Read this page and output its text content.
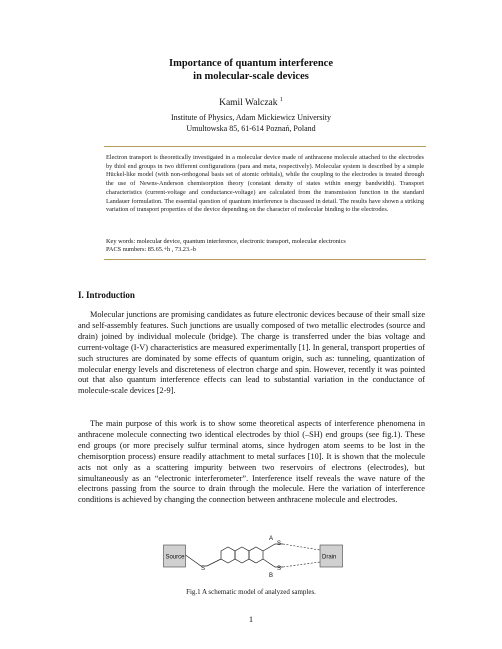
Importance of quantum interference
in molecular-scale devices
Kamil Walczak $^1$
Institute of Physics, Adam Mickiewicz University
Umultowska 85, 61-614 Poznań, Poland
Electron transport is theoretically investigated in a molecular device made of anthracene molecule attached to the electrodes by thiol end groups in two different configurations (para and meta, respectively). Molecular system is described by a simple Hückel-like model (with non-orthogonal basis set of atomic orbitals), while the coupling to the electrodes is treated through the use of Newns-Anderson chemisorption theory (constant density of states within energy bandwidth). Transport characteristics (current-voltage and conductance-voltage) are calculated from the transmission function in the standard Landauer formulation. The essential question of quantum interference is discussed in detail. The results have shown a striking variation of transport properties of the device depending on the character of molecular binding to the electrodes.
Key words: molecular device, quantum interference, electronic transport, molecular electronics
PACS numbers: 85.65.+h , 73.23.-b
I. Introduction
Molecular junctions are promising candidates as future electronic devices because of their small size and self-assembly features. Such junctions are usually composed of two metallic electrodes (source and drain) joined by individual molecule (bridge). The charge is transferred under the bias voltage and current-voltage (I-V) characteristics are measured experimentally [1]. In general, transport properties of such structures are dominated by some effects of quantum origin, such as: tunneling, quantization of molecular energy levels and discreteness of electron charge and spin. However, recently it was pointed out that also quantum interference effects can lead to substantial variation in the conductance of molecule-scale devices [2-9].
The main purpose of this work is to show some theoretical aspects of interference phenomena in anthracene molecule connecting two identical electrodes by thiol (–SH) end groups (see fig.1). These end groups (or more precisely sulfur terminal atoms, since hydrogen atom seems to be lost in the chemisorption process) ensure readily attachment to metal surfaces [10]. It is shown that the molecule acts not only as a scattering impurity between two reservoirs of electrons (electrodes), but simultaneously as an “electronic interferometer”. Interference itself reveals the wave nature of the electrons passing from the source to drain through the molecule. Here the variation of interference conditions is achieved by changing the connection between anthracene molecule and electrodes.
Source	Drain
S
S
S
A
B
Fig.1 A schematic model of analyzed samples.
1
